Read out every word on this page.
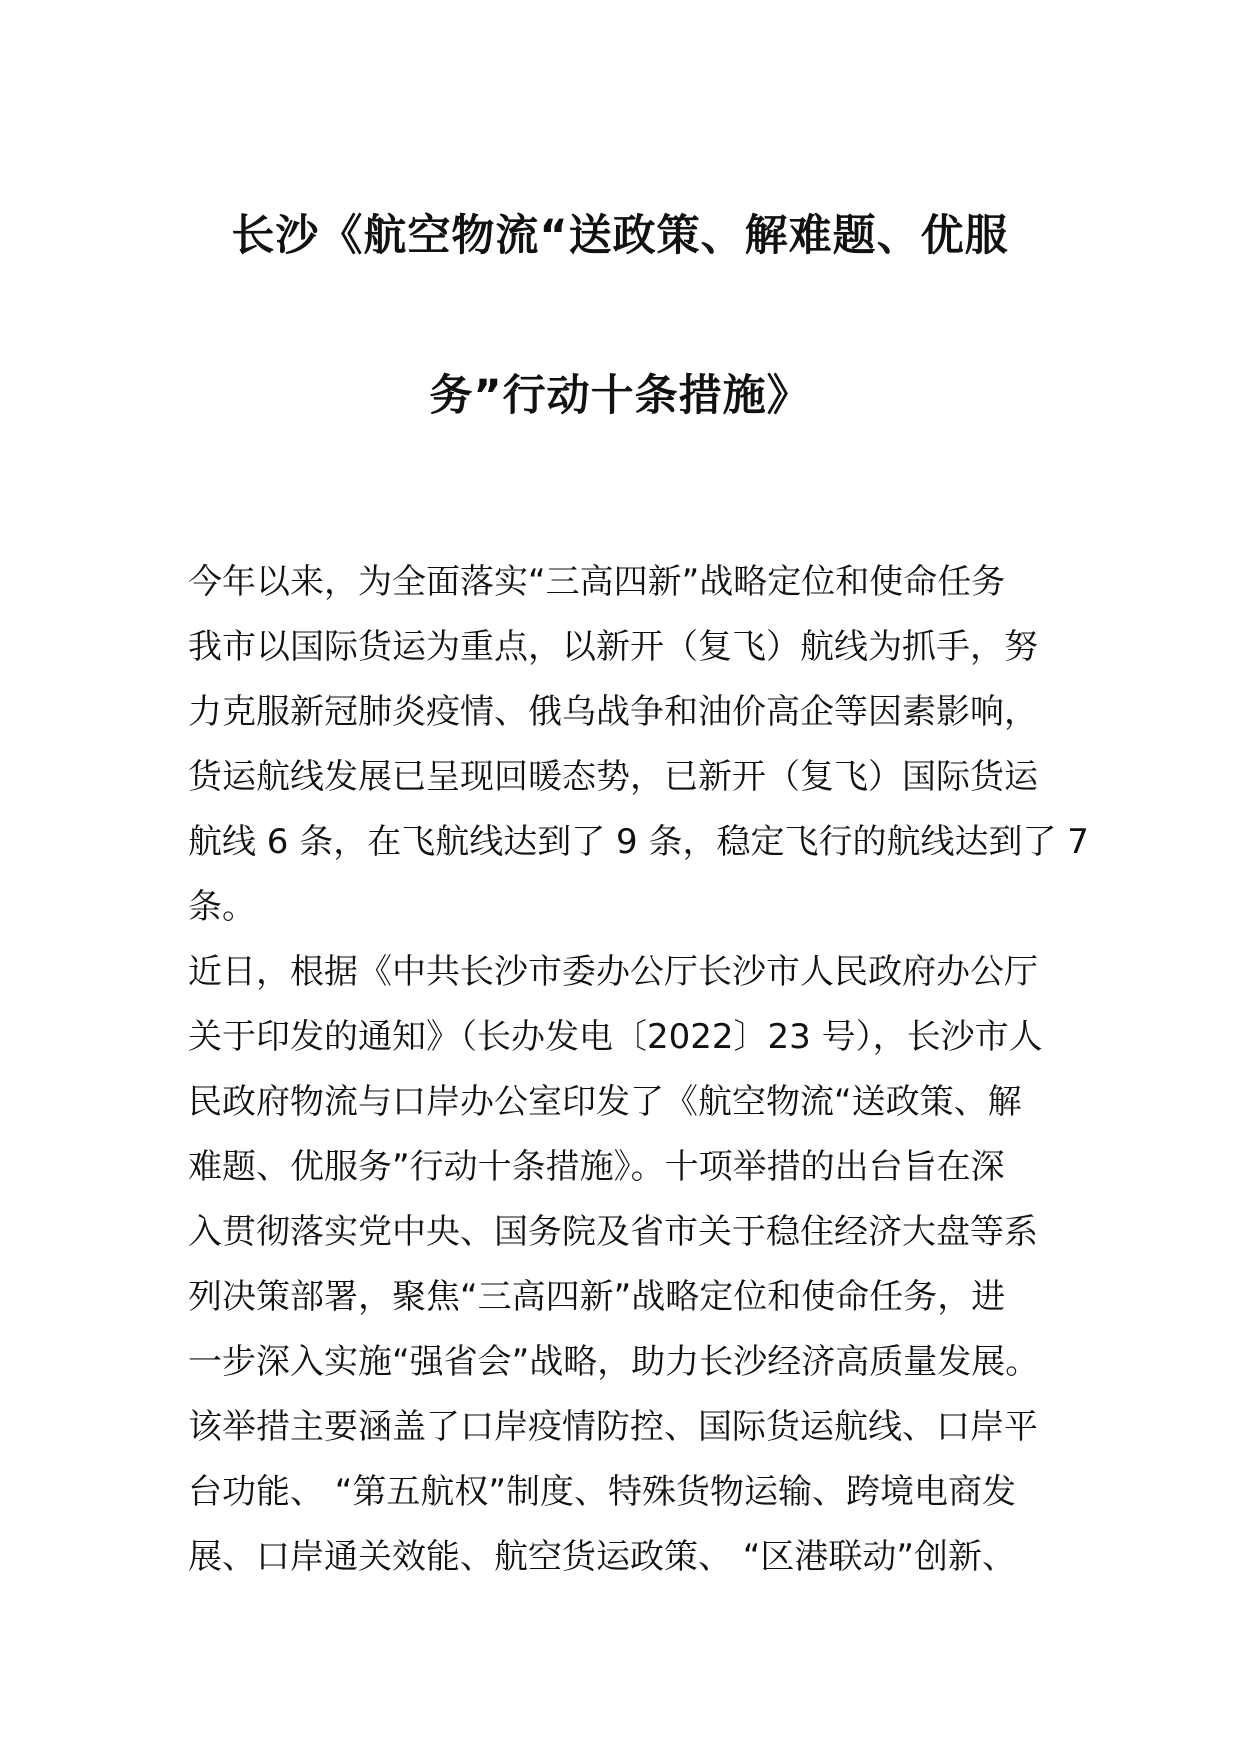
长沙《航空物流“送政策、解难题、优服
务”行动十条措施》
今年以来，为全面落实“三高四新”战略定位和使命任务
我市以国际货运为重点，以新开（复飞）航线为抓手，努
力克服新冠肺炎疫情、俄乌战争和油价高企等因素影响，
货运航线发展已呈现回暖态势，已新开（复飞）国际货运
航线 6 条，在飞航线达到了 9 条，稳定飞行的航线达到了 7
条。
近日，根据《中共长沙市委办公厅长沙市人民政府办公厅
关于印发的通知》（长办发电〔2022〕23 号），长沙市人
民政府物流与口岸办公室印发了《航空物流“送政策、解
难题、优服务”行动十条措施》。十项举措的出台旨在深
入贯彻落实党中央、国务院及省市关于稳住经济大盘等系
列决策部署，聚焦“三高四新”战略定位和使命任务，进
一步深入实施“强省会”战略，助力长沙经济高质量发展。
该举措主要涵盖了口岸疫情防控、国际货运航线、口岸平
台功能、 “第五航权”制度、特殊货物运输、跨境电商发
展、口岸通关效能、航空货运政策、 “区港联动”创新、
